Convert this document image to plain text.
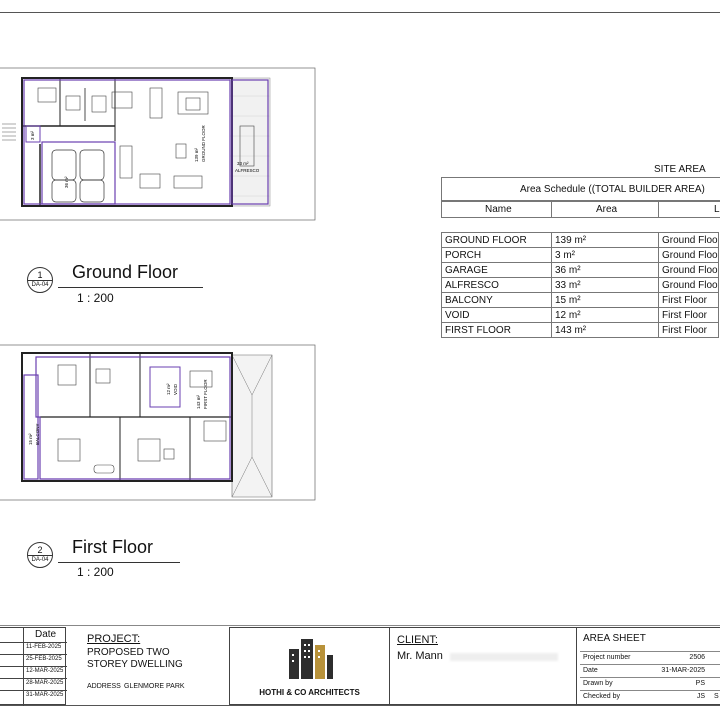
3 m²
36 m²
139 m² GROUND FLOOR
33 m²
ALFRESCO
1
DA-04
Ground Floor
1 : 200
12 m² VOID
143 m² FIRST FLOOR
15 m² BALCONY
2
DA-04
First Floor
1 : 200
SITE AREA
Area Schedule ((TOTAL BUILDER AREA)
Name	Area	L
GROUND FLOOR	139 m²	Ground Floo
PORCH	3 m²	Ground Floo
GARAGE	36 m²	Ground Floo
ALFRESCO	33 m²	Ground Floo
BALCONY	15 m²	First Floor
VOID	12 m²	First Floor
FIRST FLOOR	143 m²	First Floor
Date
11-FEB-2025
25-FEB-2025
12-MAR-2025
28-MAR-2025
31-MAR-2025
PROJECT:
PROPOSED TWO
STOREY DWELLING
ADDRESS GLENMORE PARK
HOTHI & CO ARCHITECTS
CLIENT:
Mr. Mann
AREA SHEET
Project number	2506
Date	31-MAR-2025
Drawn by	PS
Checked by	JS S
